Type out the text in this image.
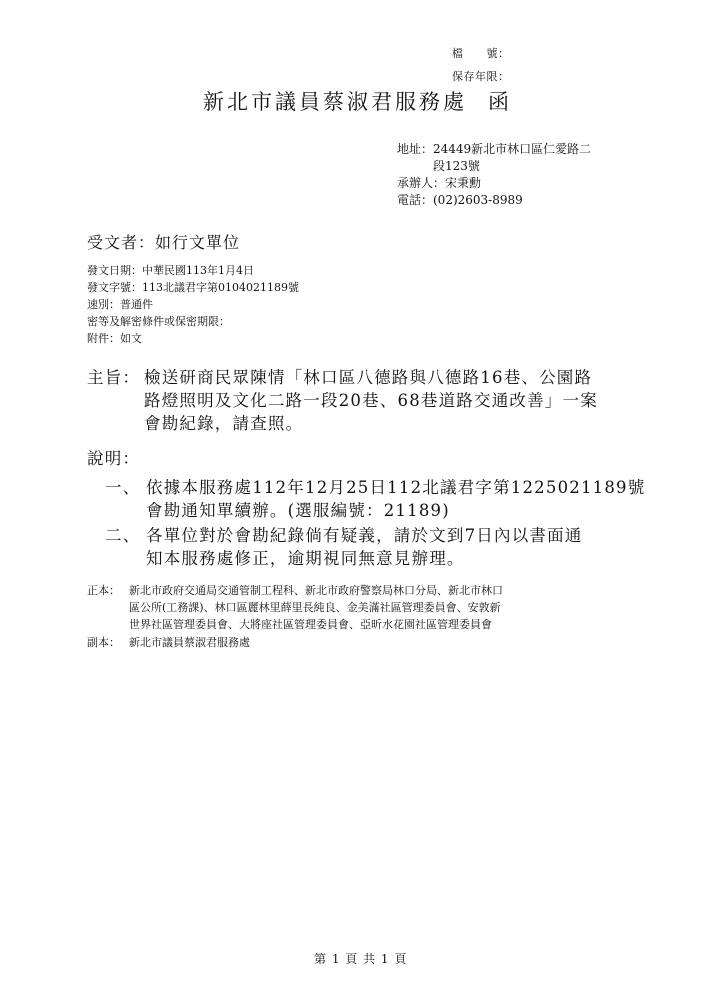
檔　　號：
保存年限：
新北市議員蔡淑君服務處 函
地址：24449新北市林口區仁愛路二
段123號
承辦人：宋秉勳
電話：(02)2603-8989
受文者：如行文單位
發文日期：中華民國113年1月4日
發文字號：113北議君字第0104021189號
速別：普通件
密等及解密條件或保密期限：
附件：如文
主旨： 檢送研商民眾陳情「林口區八德路與八德路16巷、公園路
路燈照明及文化二路一段20巷、68巷道路交通改善」一案
會勘紀錄，請查照。
說明：
一、 依據本服務處112年12月25日112北議君字第1225021189號
會勘通知單續辦。(選服編號：21189)
二、 各單位對於會勘紀錄倘有疑義，請於文到7日內以書面通
知本服務處修正，逾期視同無意見辦理。
正本： 新北市政府交通局交通管制工程科、新北市政府警察局林口分局、新北市林口
區公所(工務課)、林口區麗林里薛里長純良、金美滿社區管理委員會、安敦新
世界社區管理委員會、大將座社區管理委員會、亞昕水花園社區管理委員會
副本： 新北市議員蔡淑君服務處
第 1 頁 共 1 頁
